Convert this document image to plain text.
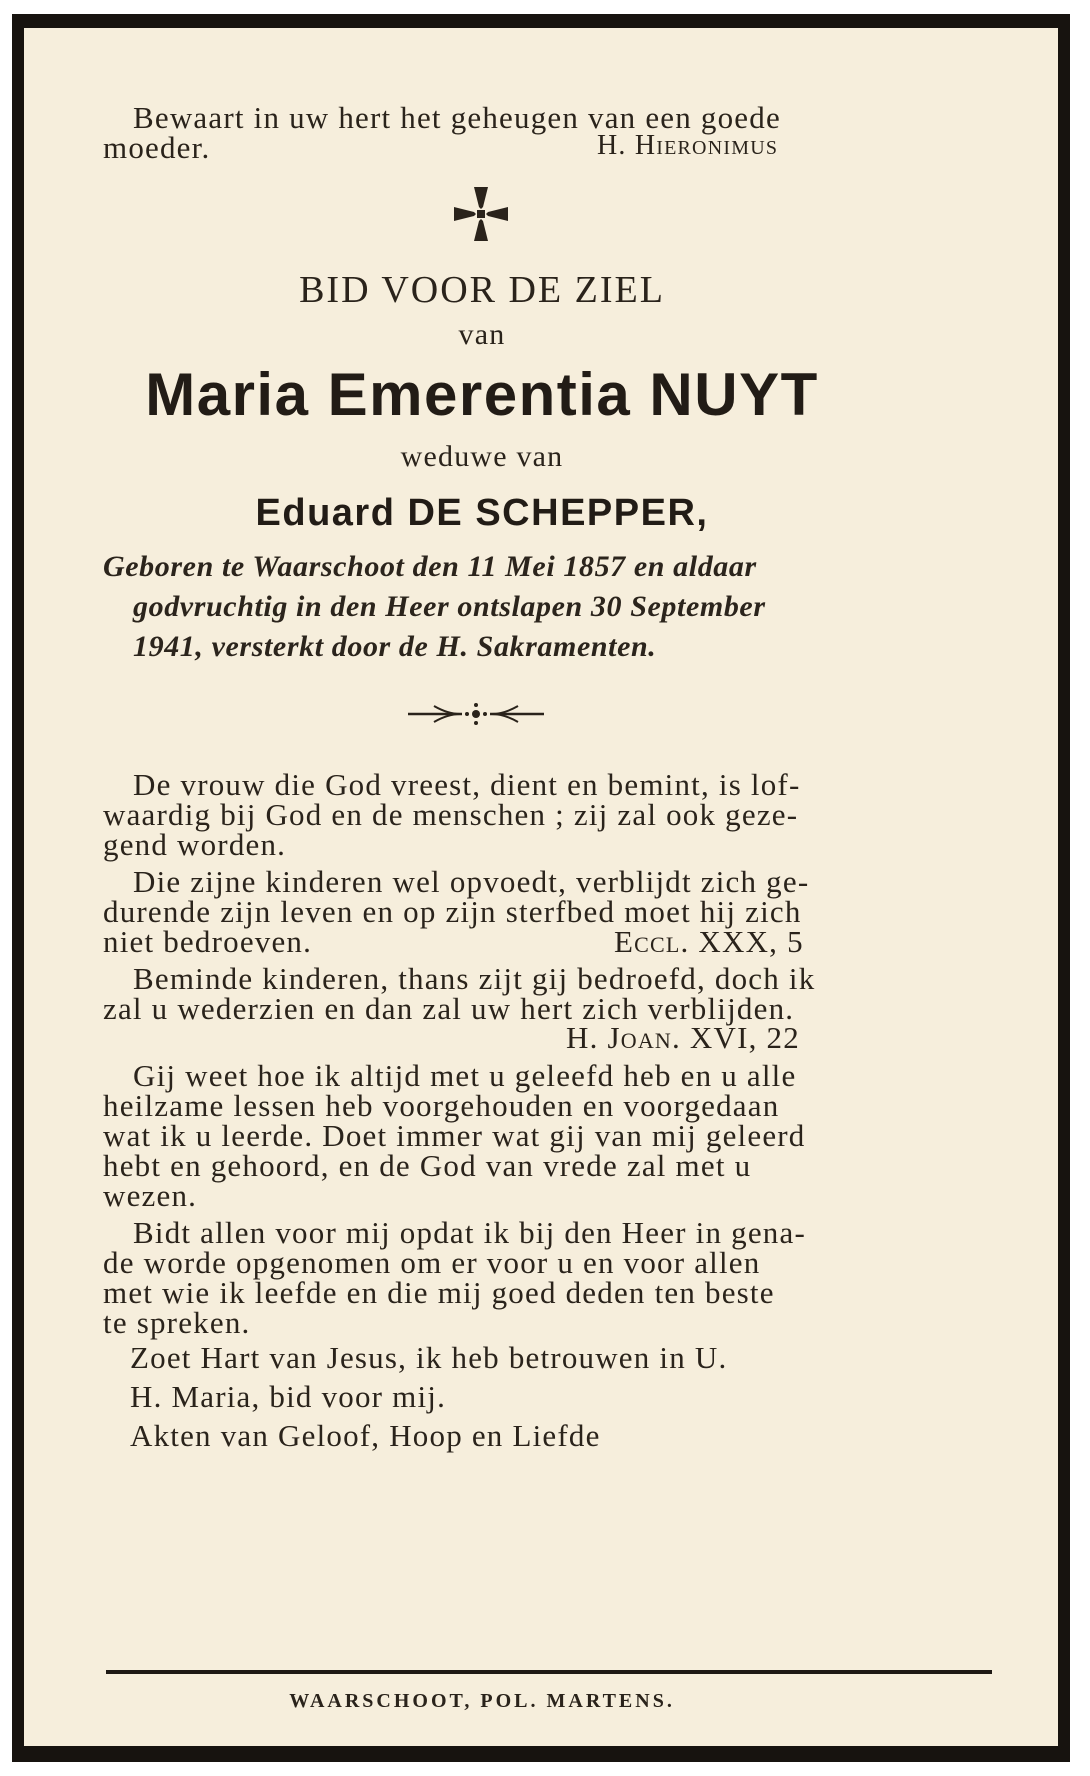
Bewaart in uw hert het geheugen van een goede
moeder.	H. Hieronimus
BID VOOR DE ZIEL
van
Maria Emerentia NUYT
weduwe van
Eduard DE SCHEPPER,
Geboren te Waarschoot den 11 Mei 1857 en aldaar
godvruchtig in den Heer ontslapen 30 September
1941, versterkt door de H. Sakramenten.
De vrouw die God vreest, dient en bemint, is lof-
waardig bij God en de menschen ; zij zal ook geze-
gend worden.
Die zijne kinderen wel opvoedt, verblijdt zich ge-
durende zijn leven en op zijn sterfbed moet hij zich
niet bedroeven.	Eccl. XXX, 5
Beminde kinderen, thans zijt gij bedroefd, doch ik
zal u wederzien en dan zal uw hert zich verblijden.
H. Joan. XVI, 22
Gij weet hoe ik altijd met u geleefd heb en u alle
heilzame lessen heb voorgehouden en voorgedaan
wat ik u leerde. Doet immer wat gij van mij geleerd
hebt en gehoord, en de God van vrede zal met u
wezen.
Bidt allen voor mij opdat ik bij den Heer in gena-
de worde opgenomen om er voor u en voor allen
met wie ik leefde en die mij goed deden ten beste
te spreken.
Zoet Hart van Jesus, ik heb betrouwen in U.
H. Maria, bid voor mij.
Akten van Geloof, Hoop en Liefde
WAARSCHOOT, POL. MARTENS.
